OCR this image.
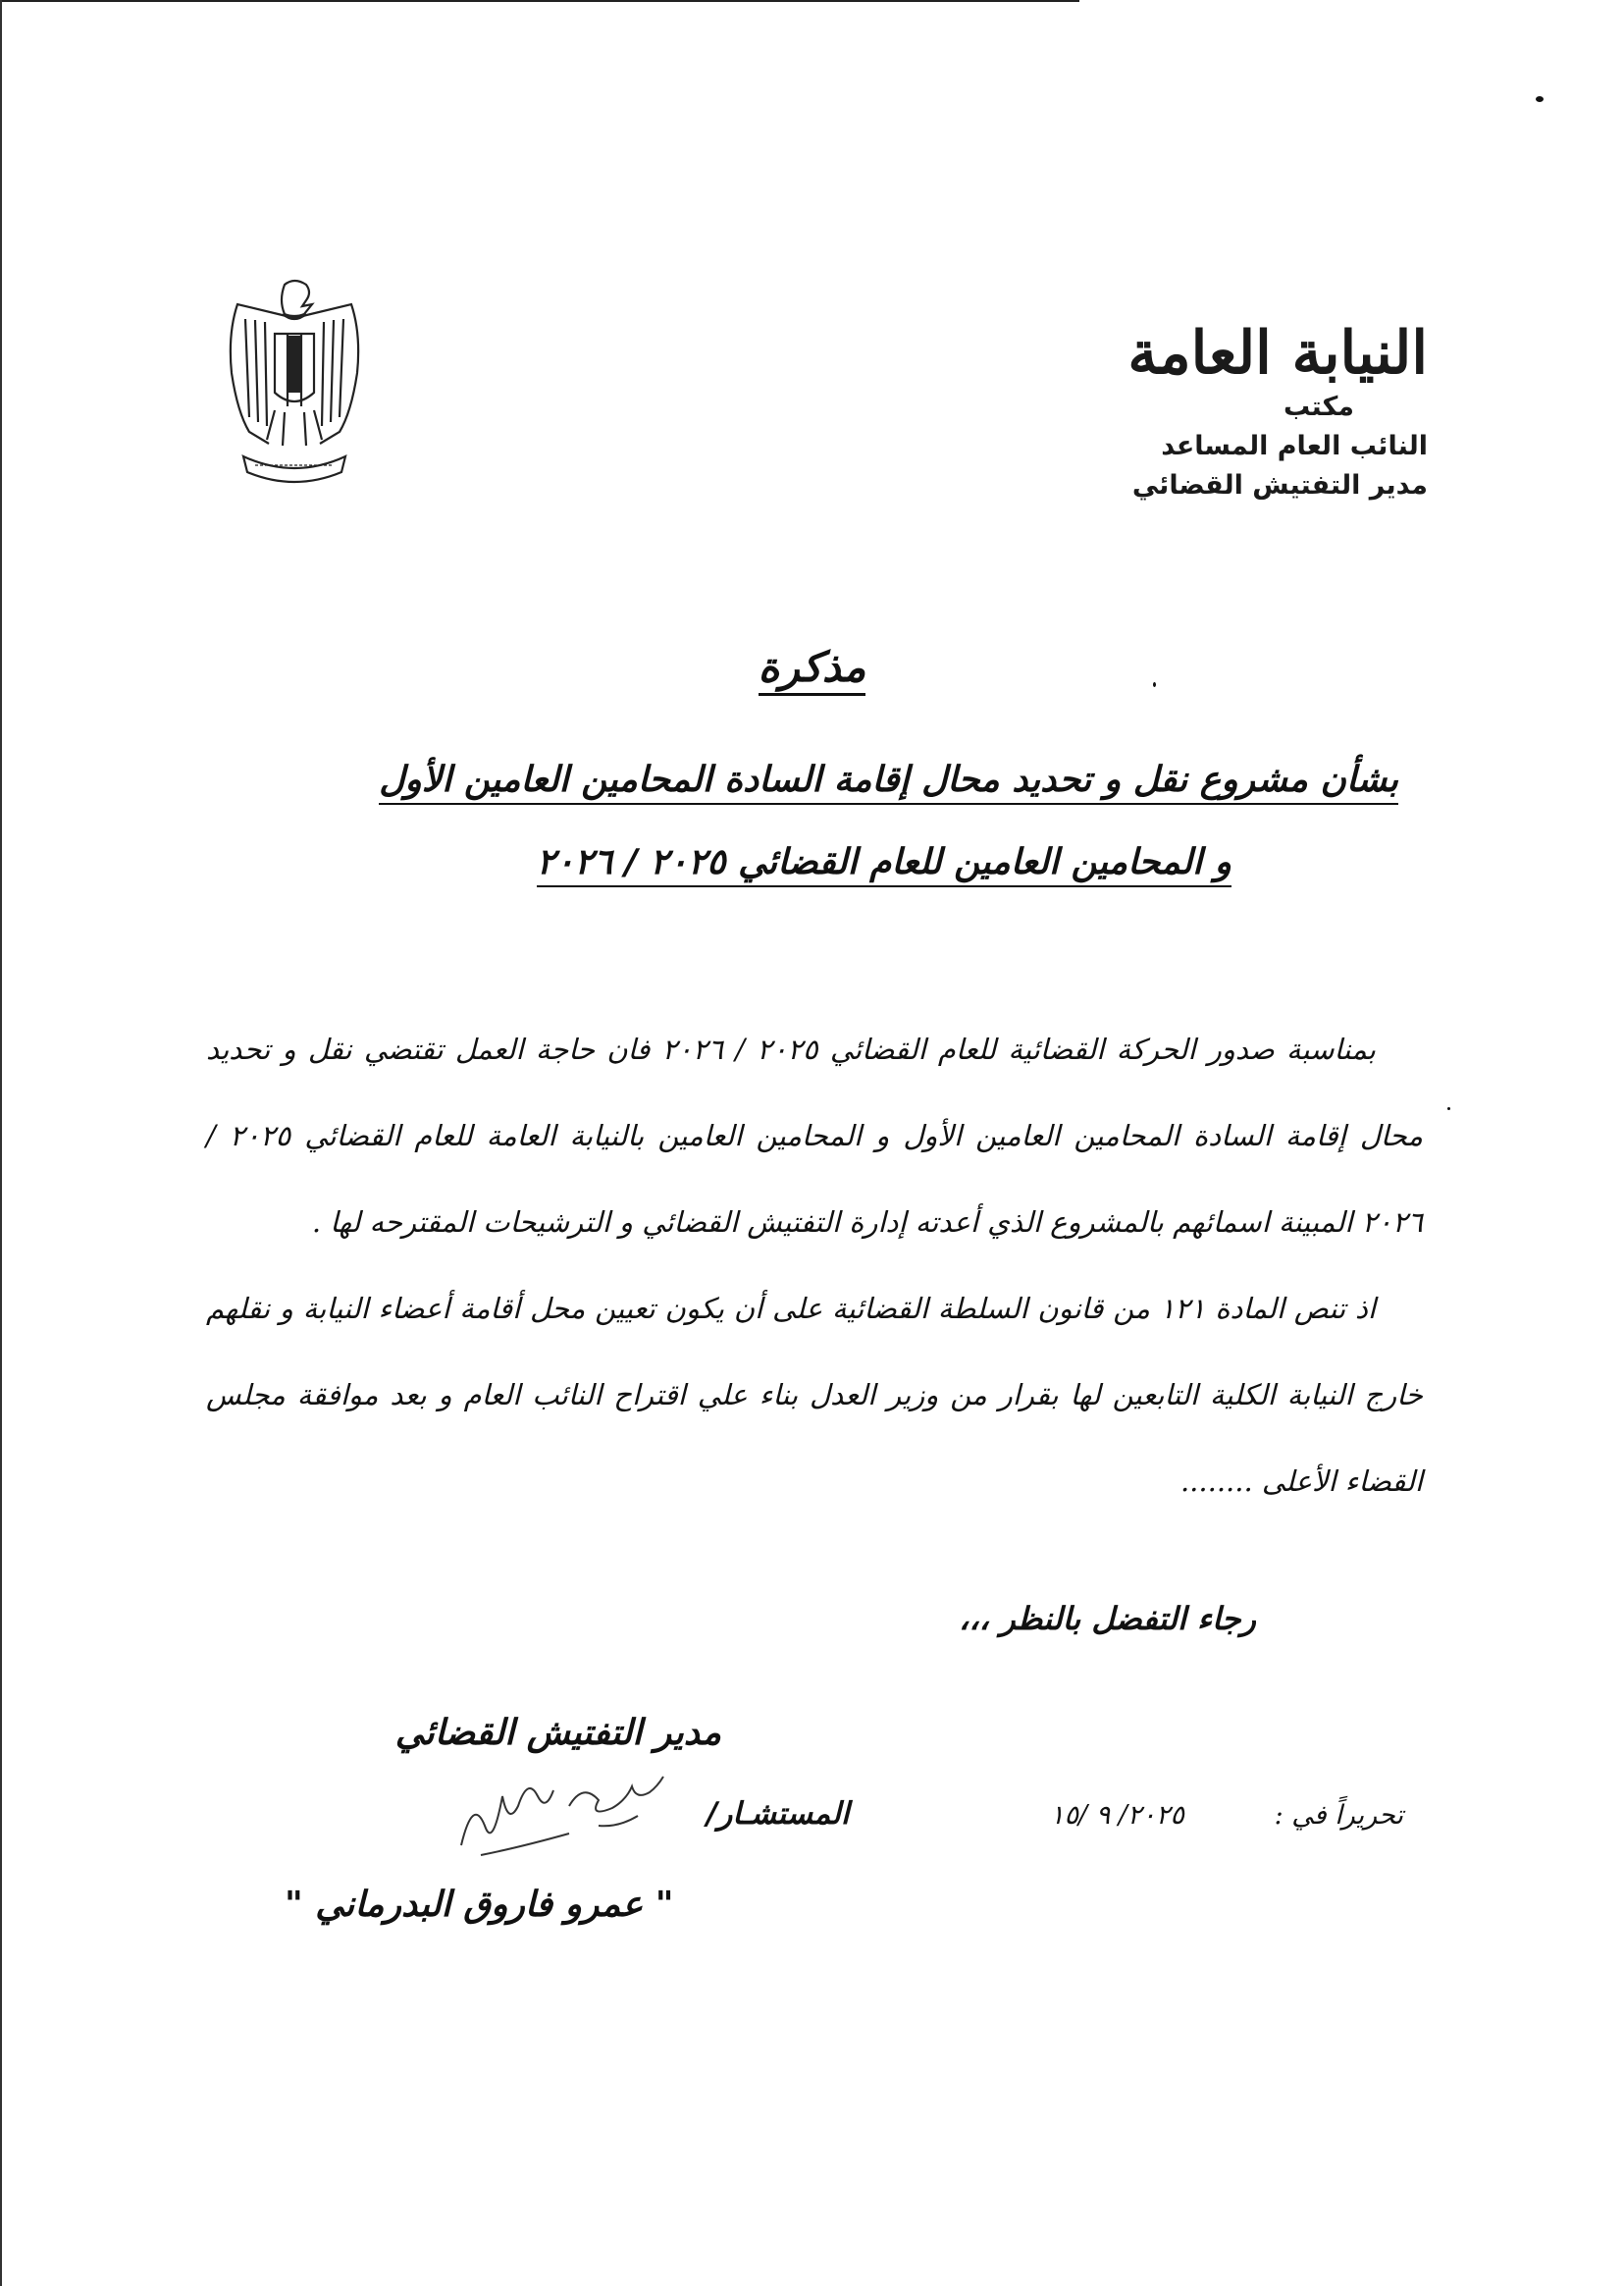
النيابة العامة
مكتب
النائب العام المساعد
مدير التفتيش القضائي
مذكرة
بشأن مشروع نقل و تحديد محال إقامة السادة المحامين العامين الأول
و المحامين العامين للعام القضائي ٢٠٢٥ / ٢٠٢٦

بمناسبة صدور الحركة القضائية للعام القضائي ٢٠٢٥ / ٢٠٢٦ فان حاجة العمل تقتضي نقل و تحديد محال إقامة السادة المحامين العامين الأول و المحامين العامين بالنيابة العامة للعام القضائي ٢٠٢٥ / ٢٠٢٦ المبينة اسمائهم بالمشروع الذي أعدته إدارة التفتيش القضائي و الترشيحات المقترحه لها .

اذ تنص المادة ١٢١ من قانون السلطة القضائية على أن يكون تعيين محل أقامة أعضاء النيابة و نقلهم خارج النيابة الكلية التابعين لها بقرار من وزير العدل بناء علي اقتراح النائب العام و بعد موافقة مجلس القضاء الأعلى ........

رجاء التفضل بالنظر ،،،
مدير التفتيش القضائي
المستشـار/	تحريراً في :
٢٠٢٥/ ٩ /١٥
" عمرو فاروق البدرماني "
